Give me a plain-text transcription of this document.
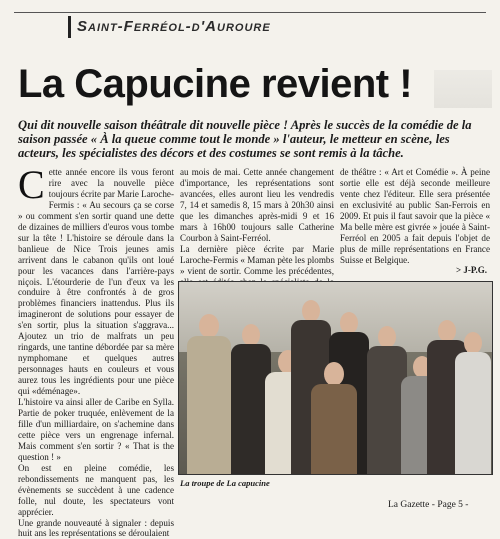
Saint-Ferréol-d'Auroure
La Capucine revient !
Qui dit nouvelle saison théâtrale dit nouvelle pièce ! Après le succès de la comédie de la saison passée « À la queue comme tout le monde » l'auteur, le metteur en scène, les acteurs, les spécialistes des décors et des costumes se sont remis à la tâche.
C ette année encore ils vous feront rire avec la nouvelle pièce toujours écrite par Marie Laroche-Fermis : « Au secours ça se corse » ou comment s'en sortir quand une dette de dizaines de milliers d'euros vous tombe sur la tête ! L'histoire se déroule dans la banlieue de Nice Trois jeunes amis arrivent dans le cabanon qu'ils ont loué pour les vacances dans l'arrière-pays niçois. L'étourderie de l'un d'eux va les conduire à être confrontés à de gros problèmes financiers inattendus. Plus ils imagineront de solutions pour essayer de s'en sortir, plus la situation s'aggrava... Ajoutez un trio de malfrats un peu ringards, une tantine débordée par sa mère nymphomane et quelques autres personnages hauts en couleurs et vous aurez tous les ingrédients pour une pièce qui «déménage».

L'histoire va ainsi aller de Caribe en Sylla. Partie de poker truquée, enlèvement de la fille d'un milliardaire, on s'achemine dans cette pièce vers un engrenage infernal. Mais comment s'en sortir ? « That is the question ! »

On est en pleine comédie, les rebondissements ne manquent pas, les évènements se succèdent à une cadence folle, nul doute, les spectateurs vont apprécier.

Une grande nouveauté à signaler : depuis huit ans les représentations se déroulaient

au mois de mai. Cette année changement d'importance, les représentations sont avancées, elles auront lieu les vendredis 7, 14 et samedis 8, 15 mars à 20h30 ainsi que les dimanches après-midi 9 et 16 mars à 16h00 toujours salle Catherine Courbon à Saint-Ferréol.

La dernière pièce écrite par Marie Laroche-Fermis « Maman pète les plombs » vient de sortir. Comme les précédentes,

de théâtre : « Art et Comédie ». À peine sortie elle est déjà seconde meilleure vente chez l'éditeur. Elle sera présentée en exclusivité au public San-Ferrois en 2009. Et puis il faut savoir que la pièce « Ma belle mère est givrée » jouée à Saint-Ferréol en 2005 a fait depuis l'objet de plus de mille représentations en France Suisse et Belgique.

> J-P.G.
La troupe de La capucine
La Gazette - Page 5 -
